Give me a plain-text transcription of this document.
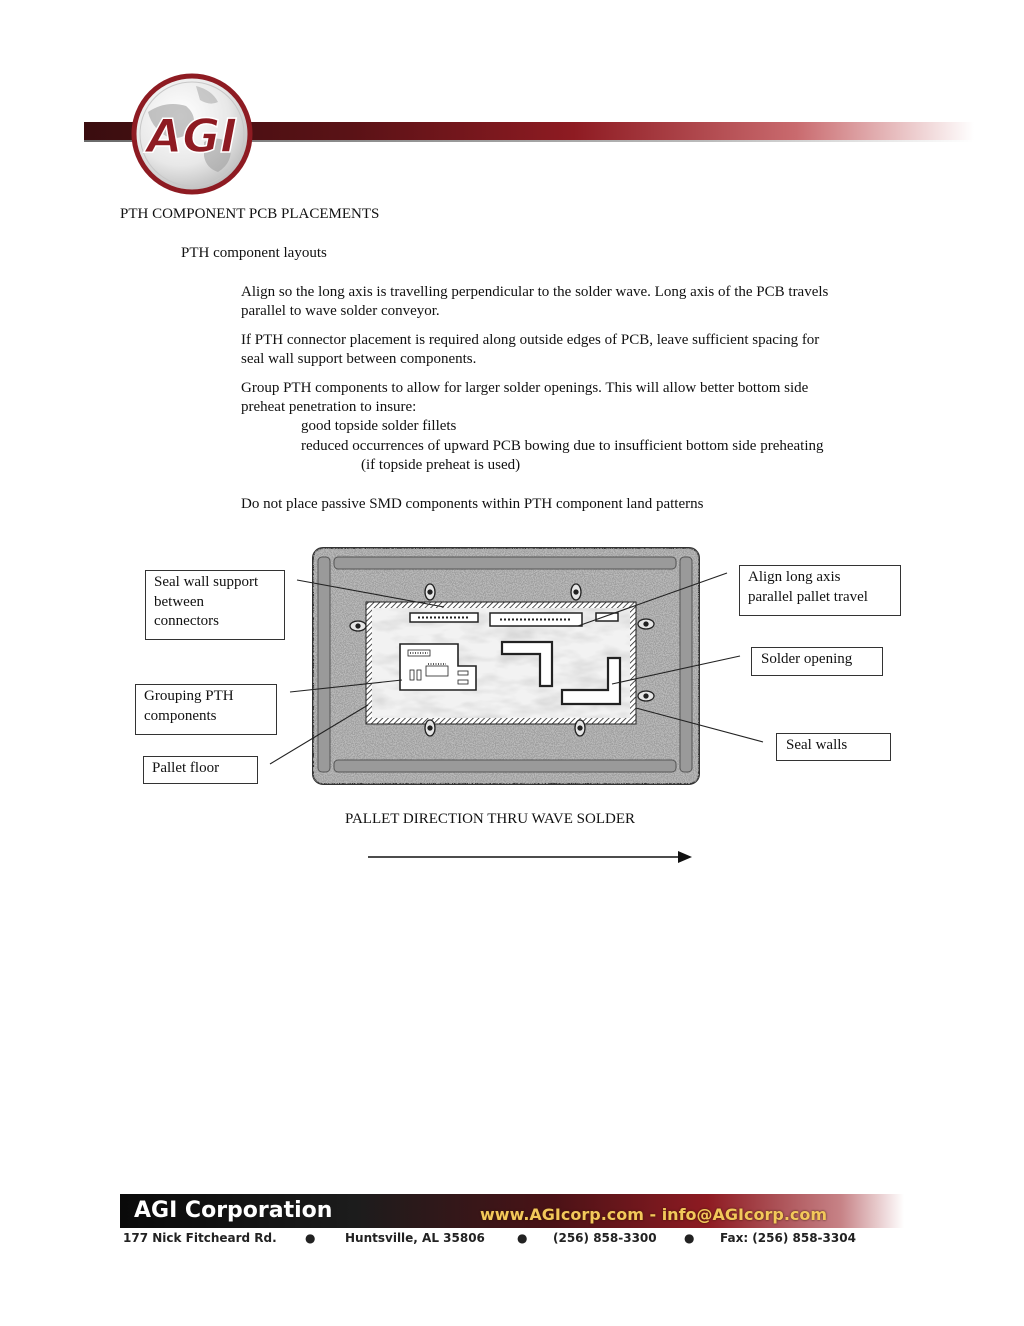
AGI
PTH COMPONENT PCB PLACEMENTS
PTH component layouts
Align so the long axis is travelling perpendicular to the solder wave. Long axis of the PCB travels
parallel to wave solder conveyor.
If PTH connector placement is required along outside edges of PCB, leave sufficient spacing for
seal wall support between components.
Group PTH components to allow for larger solder openings. This will allow better bottom side
preheat penetration to insure:
good topside solder fillets
reduced occurrences of upward PCB bowing due to insufficient bottom side preheating
(if topside preheat is used)
Do not place passive SMD components within PTH component land patterns
Seal wall support
between
connectors
Grouping PTH
components
Pallet floor
Align long axis
parallel pallet travel
Solder opening
Seal walls
PALLET DIRECTION THRU WAVE SOLDER
AGI Corporation	www.AGIcorp.com - info@AGIcorp.com
177 Nick Fitcheard Rd. ● Huntsville, AL 35806	● (256) 858-3300 ● Fax: (256) 858-3304
